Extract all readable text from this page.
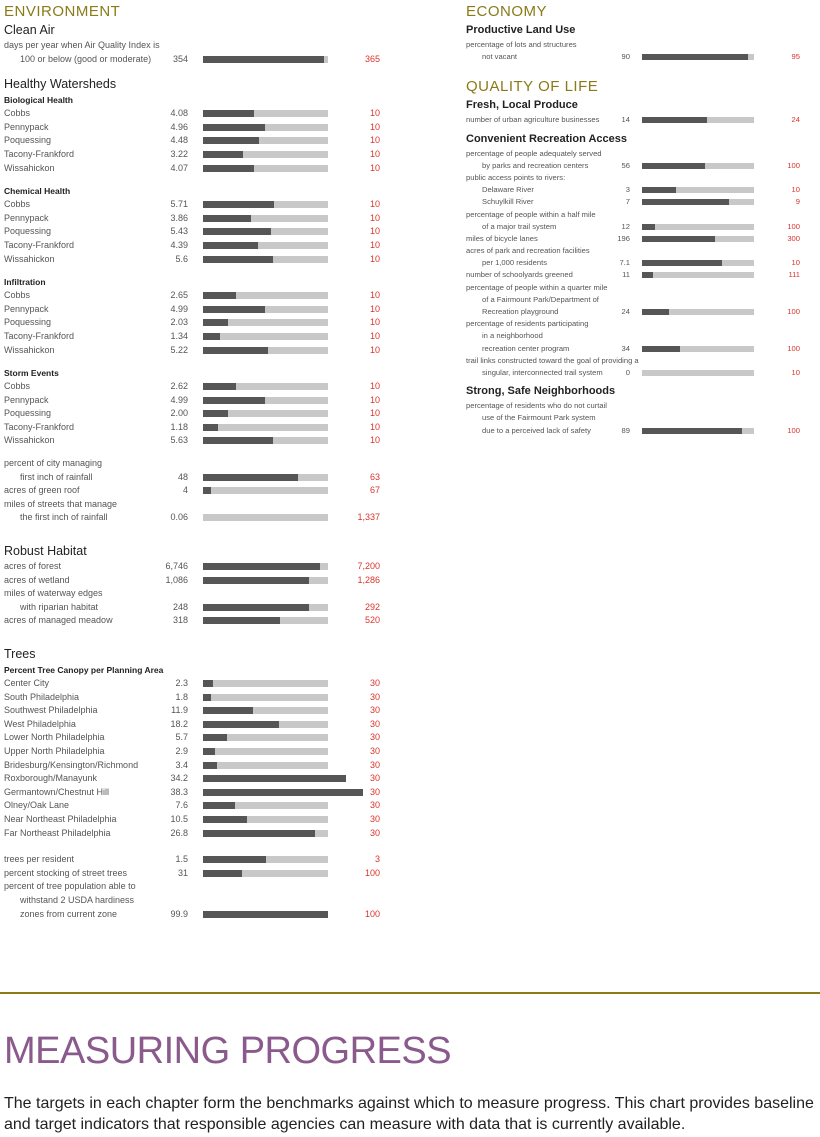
ENVIRONMENT
Clean Air
days per year when Air Quality Index is
100 or below (good or moderate) 354	365
Healthy Watersheds
Biological Health
Cobbs	4.08	10
Pennypack	4.96	10
Poquessing	4.48	10
Tacony-Frankford	3.22	10
Wissahickon	4.07	10
Chemical Health
Cobbs	5.71	10
Pennypack	3.86	10
Poquessing	5.43	10
Tacony-Frankford	4.39	10
Wissahickon	5.6	10
Infiltration
Cobbs	2.65	10
Pennypack	4.99	10
Poquessing	2.03	10
Tacony-Frankford	1.34	10
Wissahickon	5.22	10
Storm Events
Cobbs	2.62	10
Pennypack	4.99	10
Poquessing	2.00	10
Tacony-Frankford	1.18	10
Wissahickon	5.63	10
percent of city managing
first inch of rainfall	48	63
acres of green roof	4	67
miles of streets that manage
the first inch of rainfall	0.06	1,337
Robust Habitat
acres of forest	6,746	7,200
acres of wetland	1,086	1,286
miles of waterway edges
with riparian habitat	248	292
acres of managed meadow	318	520
Trees
Percent Tree Canopy per Planning Area
Center City	2.3	30
South Philadelphia	1.8	30
Southwest Philadelphia	11.9	30
West Philadelphia	18.2	30
Lower North Philadelphia	5.7	30
Upper North Philadelphia	2.9	30
Bridesburg/Kensington/Richmond	3.4	30
Roxborough/Manayunk	34.2	30
Germantown/Chestnut Hill	38.3	30
Olney/Oak Lane	7.6	30
Near Northeast Philadelphia	10.5	30
Far Northeast Philadelphia	26.8	30
trees per resident	1.5	3
percent stocking of street trees	31	100
percent of tree population able to
withstand 2 USDA hardiness
zones from current zone	99.9	100
ECONOMY
Productive Land Use
percentage of lots and structures
not vacant	90	95
QUALITY OF LIFE
Fresh, Local Produce
number of urban agriculture businesses	14	24
Convenient Recreation Access
percentage of people adequately served
by parks and recreation centers	56	100
public access points to rivers:
Delaware River	3	10
Schuylkill River	7	9
percentage of people within a half mile
of a major trail system	12	100
miles of bicycle lanes	196	300
acres of park and recreation facilities
per 1,000 residents	7.1	10
number of schoolyards greened	11	111
percentage of people within a quarter mile
of a Fairmount Park/Department of
Recreation playground	24	100
percentage of residents participating
in a neighborhood
recreation center program	34	100
trail links constructed toward the goal of providing a
singular, interconnected trail system	0	10
Strong, Safe Neighborhoods
percentage of residents who do not curtail
use of the Fairmount Park system
due to a perceived lack of safety	89	100
MEASURING PROGRESS
The targets in each chapter form the benchmarks against which to measure progress. This chart provides baseline and target indicators that responsible agencies can measure with data that is currently available.
